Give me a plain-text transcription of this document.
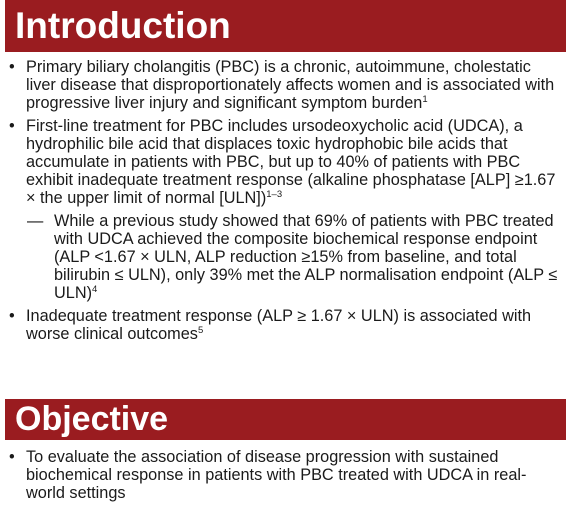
Introduction
• Primary biliary cholangitis (PBC) is a chronic, autoimmune, cholestatic liver disease that disproportionately affects women and is associated with progressive liver injury and significant symptom burden$^1$
• First-line treatment for PBC includes ursodeoxycholic acid (UDCA), a hydrophilic bile acid that displaces toxic hydrophobic bile acids that accumulate in patients with PBC, but up to 40% of patients with PBC exhibit inadequate treatment response (alkaline phosphatase [ALP] ≥1.67 × the upper limit of normal [ULN])$^{1-3}$
— While a previous study showed that 69% of patients with PBC treated with UDCA achieved the composite biochemical response endpoint (ALP <1.67 × ULN, ALP reduction ≥15% from baseline, and total bilirubin ≤ ULN), only 39% met the ALP normalisation endpoint (ALP ≤ ULN)$^4$
• Inadequate treatment response (ALP ≥ 1.67 × ULN) is associated with worse clinical outcomes$^5$
Objective
• To evaluate the association of disease progression with sustained biochemical response in patients with PBC treated with UDCA in real-world settings
